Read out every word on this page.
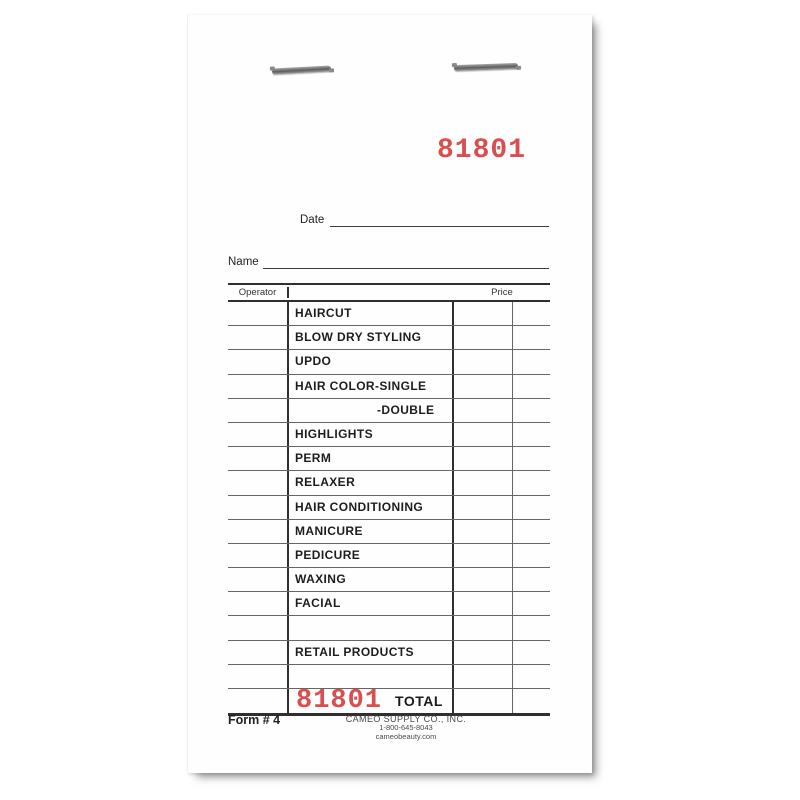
81801
Date
Name
Operator	Price
HAIRCUT
BLOW DRY STYLING
UPDO
HAIR COLOR-SINGLE
-DOUBLE
HIGHLIGHTS
PERM
RELAXER
HAIR CONDITIONING
MANICURE
PEDICURE
WAXING
FACIAL
RETAIL PRODUCTS
81801 TOTAL
Form # 4	CAMEO SUPPLY CO., INC.
1-800-645-8043
cameobeauty.com
